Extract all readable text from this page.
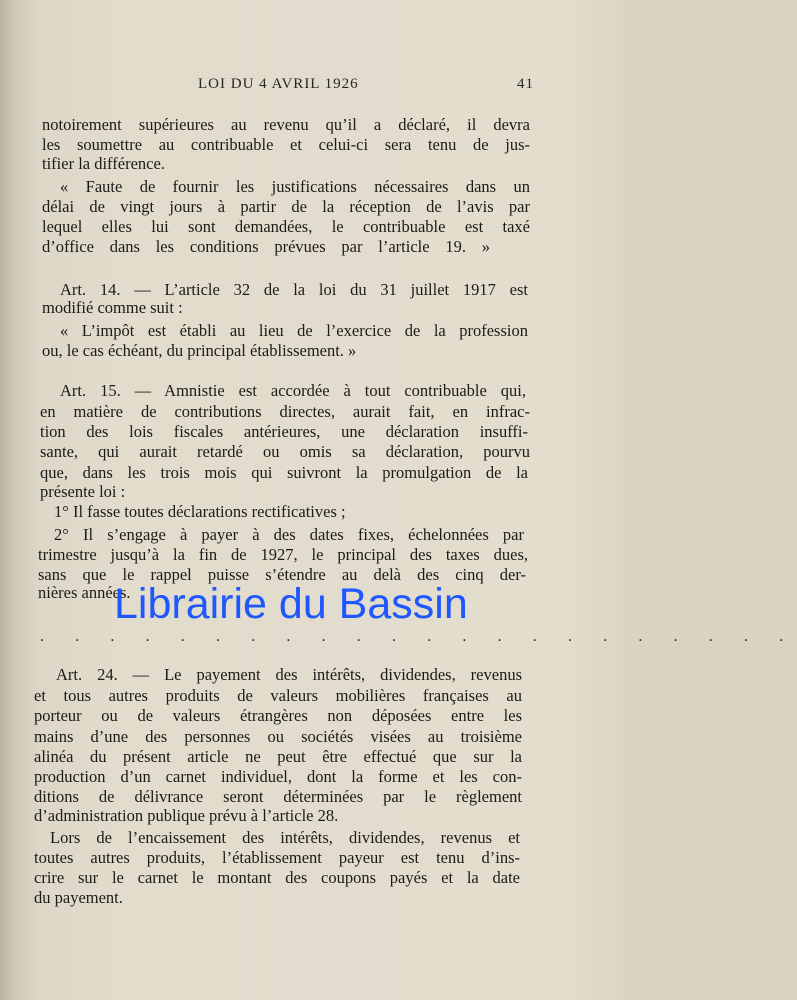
LOI DU 4 AVRIL 1926	41
notoirement supérieures au revenu qu’il a déclaré, il devra
les soumettre au contribuable et celui-ci sera tenu de jus-
tifier la différence.
« Faute de fournir les justifications nécessaires dans un
délai de vingt jours à partir de la réception de l’avis par
lequel elles lui sont demandées, le contribuable est taxé
d’office dans les conditions prévues par l’article 19. »
Art. 14. — L’article 32 de la loi du 31 juillet 1917 est
modifié comme suit :
« L’impôt est établi au lieu de l’exercice de la profession
ou, le cas échéant, du principal établissement. »
Art. 15. — Amnistie est accordée à tout contribuable qui,
en matière de contributions directes, aurait fait, en infrac-
tion des lois fiscales antérieures, une déclaration insuffi-
sante, qui aurait retardé ou omis sa déclaration, pourvu
que, dans les trois mois qui suivront la promulgation de la
présente loi :
1° Il fasse toutes déclarations rectificatives ;
2° Il s’engage à payer à des dates fixes, échelonnées par
trimestre jusqu’à la fin de 1927, le principal des taxes dues,
sans que le rappel puisse s’étendre au delà des cinq der-
nières années.
Art. 24. — Le payement des intérêts, dividendes, revenus
et tous autres produits de valeurs mobilières françaises au
porteur ou de valeurs étrangères non déposées entre les
mains d’une des personnes ou sociétés visées au troisième
alinéa du présent article ne peut être effectué que sur la
production d’un carnet individuel, dont la forme et les con-
ditions de délivrance seront déterminées par le règlement
d’administration publique prévu à l’article 28.
Lors de l’encaissement des intérêts, dividendes, revenus et
toutes autres produits, l’établissement payeur est tenu d’ins-
crire sur le carnet le montant des coupons payés et la date
du payement.
. . . . . . . . . . . . . . . . . . . . . .
Librairie du Bassin
